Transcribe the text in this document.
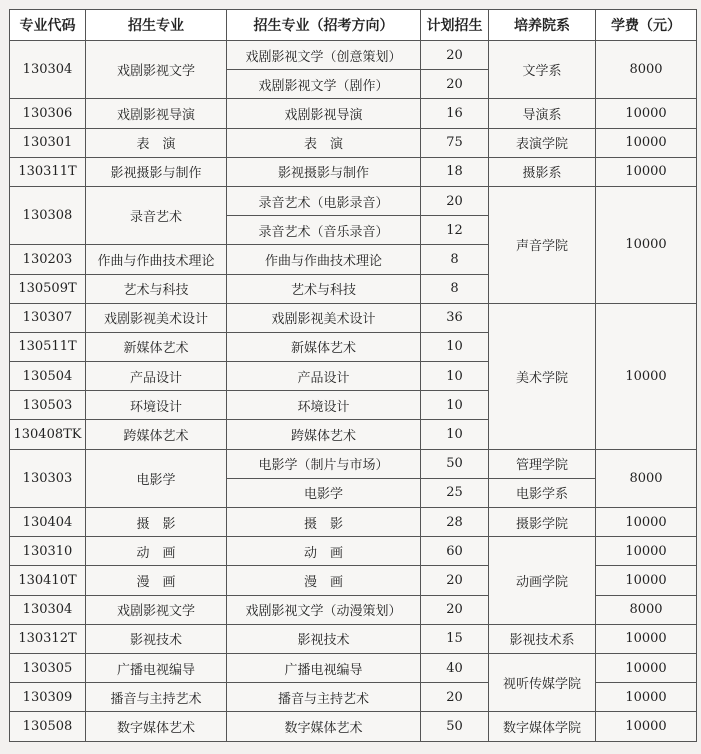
专业代码	招生专业	招生专业（招考方向）	计划招生	培养院系	学费（元）
130304	戏剧影视文学	戏剧影视文学（创意策划）	20	文学系	8000
		戏剧影视文学（剧作）	20		
130306	戏剧影视导演	戏剧影视导演	16	导演系	10000
130301	表　演	表　演	75	表演学院	10000
130311T	影视摄影与制作	影视摄影与制作	18	摄影系	10000
130308	录音艺术	录音艺术（电影录音）	20	声音学院	10000
		录音艺术（音乐录音）	12		
130203	作曲与作曲技术理论	作曲与作曲技术理论	8		
130509T	艺术与科技	艺术与科技	8		
130307	戏剧影视美术设计	戏剧影视美术设计	36	美术学院	10000
130511T	新媒体艺术	新媒体艺术	10		
130504	产品设计	产品设计	10		
130503	环境设计	环境设计	10		
130408TK	跨媒体艺术	跨媒体艺术	10		
130303	电影学	电影学（制片与市场）	50	管理学院	8000
		电影学	25	电影学系	
130404	摄　影	摄　影	28	摄影学院	10000
130310	动　画	动　画	60	动画学院	10000
130410T	漫　画	漫　画	20		10000
130304	戏剧影视文学	戏剧影视文学（动漫策划）	20		8000
130312T	影视技术	影视技术	15	影视技术系	10000
130305	广播电视编导	广播电视编导	40	视听传媒学院	10000
130309	播音与主持艺术	播音与主持艺术	20		10000
130508	数字媒体艺术	数字媒体艺术	50	数字媒体学院	10000
